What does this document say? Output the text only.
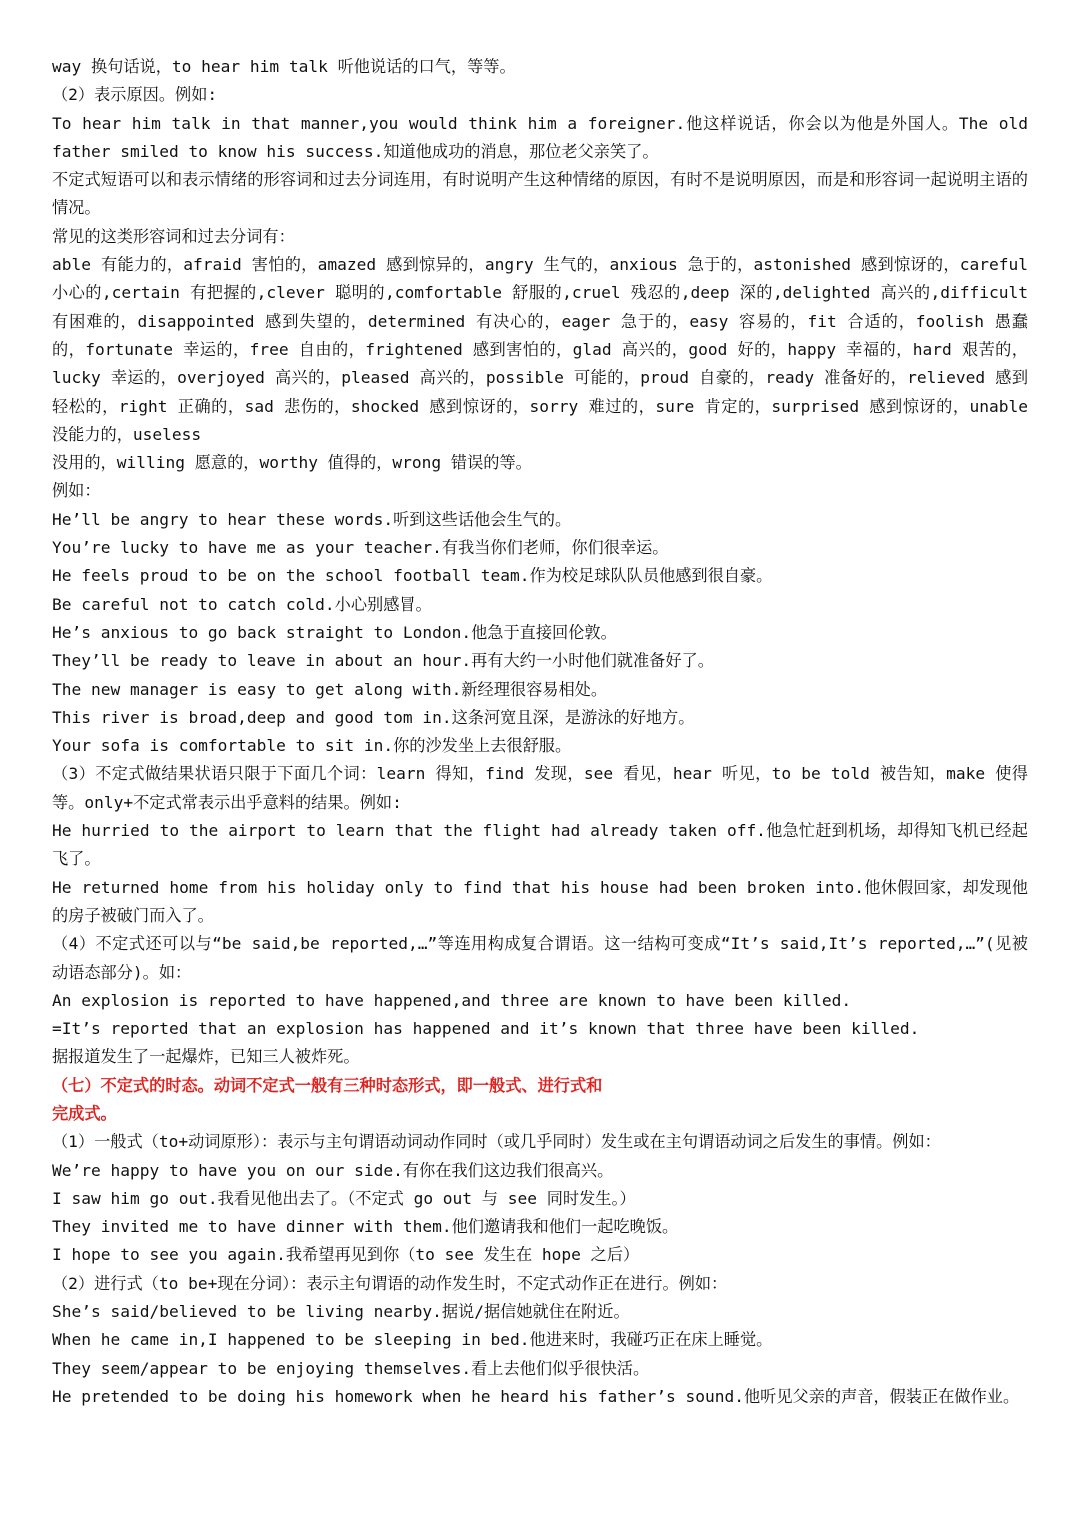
way 换句话说，to hear him talk 听他说话的口气，等等。

（2）表示原因。例如:

To hear him talk in that manner,you would think him a foreigner.他这样说话，你会以为他是外国人。The old father smiled to know his success.知道他成功的消息，那位老父亲笑了。

不定式短语可以和表示情绪的形容词和过去分词连用，有时说明产生这种情绪的原因，有时不是说明原因，而是和形容词一起说明主语的情况。

常见的这类形容词和过去分词有：

able 有能力的，afraid 害怕的，amazed 感到惊异的，angry 生气的，anxious 急于的，astonished 感到惊讶的，careful 小心的,certain 有把握的,clever 聪明的,comfortable 舒服的,cruel 残忍的,deep 深的,delighted 高兴的,difficult 有困难的，disappointed 感到失望的，determined 有决心的，eager 急于的，easy 容易的，fit 合适的，foolish 愚蠢的，fortunate 幸运的，free 自由的，frightened 感到害怕的，glad 高兴的，good 好的，happy 幸福的，hard 艰苦的，lucky 幸运的，overjoyed 高兴的，pleased 高兴的，possible 可能的，proud 自豪的，ready 准备好的，relieved 感到轻松的，right 正确的，sad 悲伤的，shocked 感到惊讶的，sorry 难过的，sure 肯定的，surprised 感到惊讶的，unable 没能力的，useless

没用的，willing 愿意的，worthy 值得的，wrong 错误的等。

例如：

He’ll be angry to hear these words.听到这些话他会生气的。

You’re lucky to have me as your teacher.有我当你们老师，你们很幸运。

He feels proud to be on the school football team.作为校足球队队员他感到很自豪。

Be careful not to catch cold.小心别感冒。

He’s anxious to go back straight to London.他急于直接回伦敦。

They’ll be ready to leave in about an hour.再有大约一小时他们就准备好了。

The new manager is easy to get along with.新经理很容易相处。

This river is broad,deep and good tom in.这条河宽且深，是游泳的好地方。

Your sofa is comfortable to sit in.你的沙发坐上去很舒服。

（3）不定式做结果状语只限于下面几个词：learn 得知，find 发现，see 看见，hear 听见，to be told 被告知，make 使得等。only+不定式常表示出乎意料的结果。例如:

He hurried to the airport to learn that the flight had already taken off.他急忙赶到机场，却得知飞机已经起飞了。

He returned home from his holiday only to find that his house had been broken into.他休假回家，却发现他的房子被破门而入了。

（4）不定式还可以与“be said,be reported,…”等连用构成复合谓语。这一结构可变成“It’s said,It’s reported,…”(见被动语态部分)。如：

An explosion is reported to have happened,and three are known to have been killed.

=It’s reported that an explosion has happened and it’s known that three have been killed.

据报道发生了一起爆炸，已知三人被炸死。

（七）不定式的时态。动词不定式一般有三种时态形式，即一般式、进行式和

完成式。

（1）一般式（to+动词原形）：表示与主句谓语动词动作同时（或几乎同时）发生或在主句谓语动词之后发生的事情。例如：

We’re happy to have you on our side.有你在我们这边我们很高兴。

I saw him go out.我看见他出去了。（不定式 go out 与 see 同时发生。）

They invited me to have dinner with them.他们邀请我和他们一起吃晚饭。

I hope to see you again.我希望再见到你（to see 发生在 hope 之后）

（2）进行式（to be+现在分词）：表示主句谓语的动作发生时，不定式动作正在进行。例如：

She’s said/believed to be living nearby.据说/据信她就住在附近。

When he came in,I happened to be sleeping in bed.他进来时，我碰巧正在床上睡觉。

They seem/appear to be enjoying themselves.看上去他们似乎很快活。

He pretended to be doing his homework when he heard his father’s sound.他听见父亲的声音，假装正在做作业。
